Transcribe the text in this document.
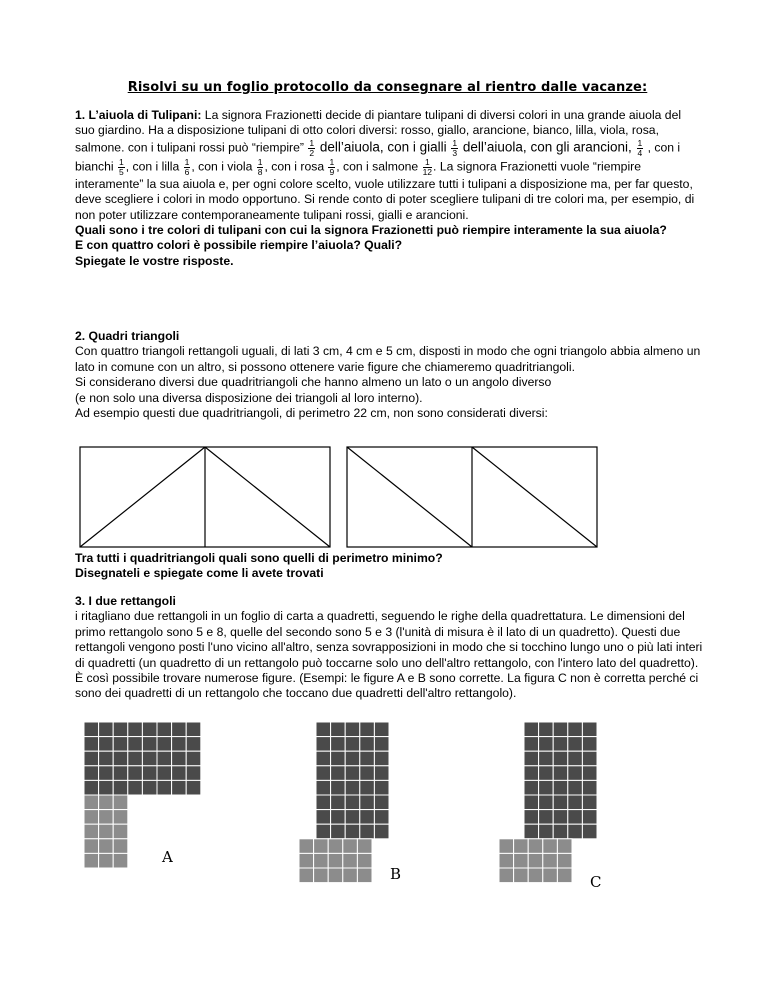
Risolvi su un foglio protocollo da consegnare al rientro dalle vacanze:

1. L’aiuola di Tulipani: La signora Frazionetti decide di piantare tulipani di diversi colori in una grande aiuola del suo giardino. Ha a disposizione tulipani di otto colori diversi: rosso, giallo, arancione, bianco, lilla, viola, rosa, salmone. con i tulipani rossi può “riempire” $\frac{1}{2}$ dell’aiuola, con i gialli $\frac{1}{3}$ dell’aiuola, con gli arancioni, $\frac{1}{4}$ , con i bianchi $\frac{1}{5}$ , con i lilla $\frac{1}{6}$ , con i viola $\frac{1}{8}$ , con i rosa $\frac{1}{9}$ , con i salmone $\frac{1}{12}$ . La signora Frazionetti vuole “riempire interamente” la sua aiuola e, per ogni colore scelto, vuole utilizzare tutti i tulipani a disposizione ma, per far questo, deve scegliere i colori in modo opportuno. Si rende conto di poter scegliere tulipani di tre colori ma, per esempio, di non poter utilizzare contemporaneamente tulipani rossi, gialli e arancioni.

Quali sono i tre colori di tulipani con cui la signora Frazionetti può riempire interamente la sua aiuola?

E con quattro colori è possibile riempire l’aiuola? Quali?

Spiegate le vostre risposte.

2. Quadri triangoli

Con quattro triangoli rettangoli uguali, di lati 3 cm, 4 cm e 5 cm, disposti in modo che ogni triangolo abbia almeno un lato in comune con un altro, si possono ottenere varie figure che chiameremo quadritriangoli.

Si considerano diversi due quadritriangoli che hanno almeno un lato o un angolo diverso

(e non solo una diversa disposizione dei triangoli al loro interno).

Ad esempio questi due quadritriangoli, di perimetro 22 cm, non sono considerati diversi:

Tra tutti i quadritriangoli quali sono quelli di perimetro minimo?

Disegnateli e spiegate come li avete trovati

3. I due rettangoli

i ritagliano due rettangoli in un foglio di carta a quadretti, seguendo le righe della quadrettatura. Le dimensioni del primo rettangolo sono 5 e 8, quelle del secondo sono 5 e 3 (l'unità di misura è il lato di un quadretto). Questi due rettangoli vengono posti l'uno vicino all'altro, senza sovrapposizioni in modo che si tocchino lungo uno o più lati interi di quadretti (un quadretto di un rettangolo può toccarne solo uno dell'altro rettangolo, con l'intero lato del quadretto). È così possibile trovare numerose figure. (Esempi: le figure A e B sono corrette. La figura C non è corretta perché ci sono dei quadretti di un rettangolo che toccano due quadretti dell'altro rettangolo).

A
B	C
